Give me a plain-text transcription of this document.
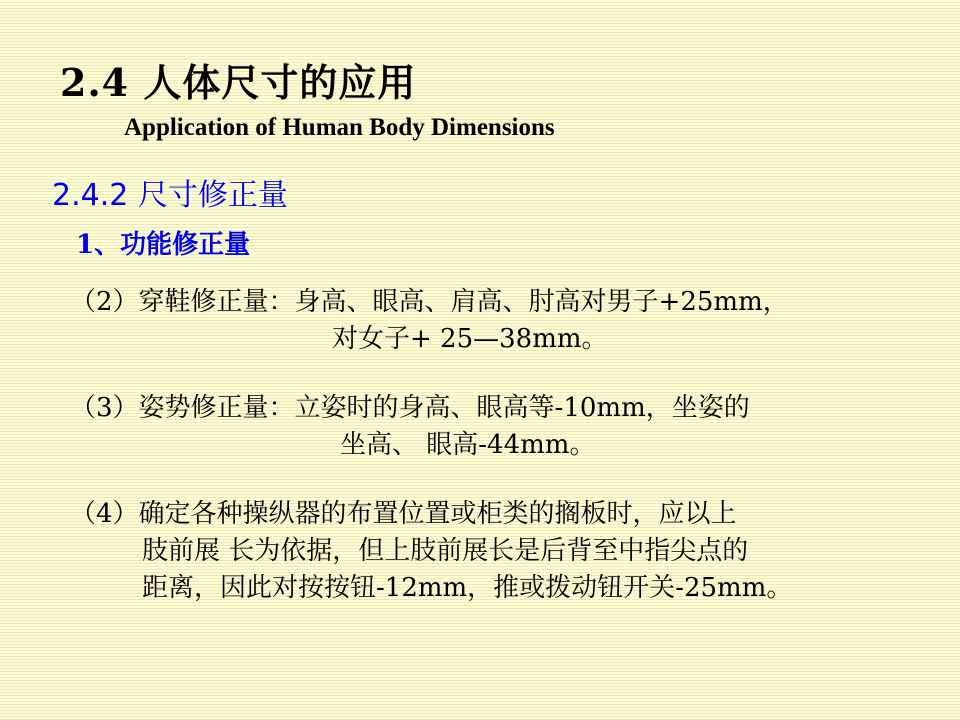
2.4 人体尺寸的应用
Application of Human Body Dimensions
2.4.2 尺寸修正量
1、功能修正量
（2）穿鞋修正量：身高、眼高、肩高、肘高对男子+25mm，
对女子+ 25—38mm。
（3）姿势修正量：立姿时的身高、眼高等-10mm，坐姿的
坐高、 眼高-44mm。
（4）确定各种操纵器的布置位置或柜类的搁板时，应以上
肢前展 长为依据，但上肢前展长是后背至中指尖点的
距离，因此对按按钮-12mm，推或拨动钮开关-25mm。
